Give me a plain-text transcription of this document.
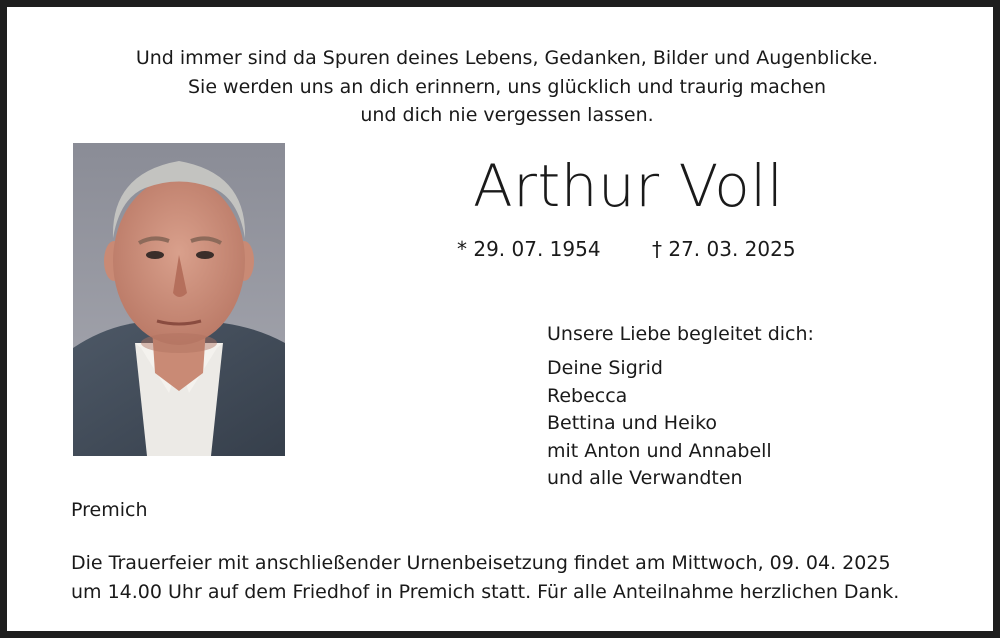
Und immer sind da Spuren deines Lebens, Gedanken, Bilder und Augenblicke.
Sie werden uns an dich erinnern, uns glücklich und traurig machen
und dich nie vergessen lassen.
Arthur Voll
* 29. 07. 1954	† 27. 03. 2025
Unsere Liebe begleitet dich:
Deine Sigrid
Rebecca
Bettina und Heiko
mit Anton und Annabell
und alle Verwandten
Premich
Die Trauerfeier mit anschließender Urnenbeisetzung findet am Mittwoch, 09. 04. 2025
um 14.00 Uhr auf dem Friedhof in Premich statt. Für alle Anteilnahme herzlichen Dank.
